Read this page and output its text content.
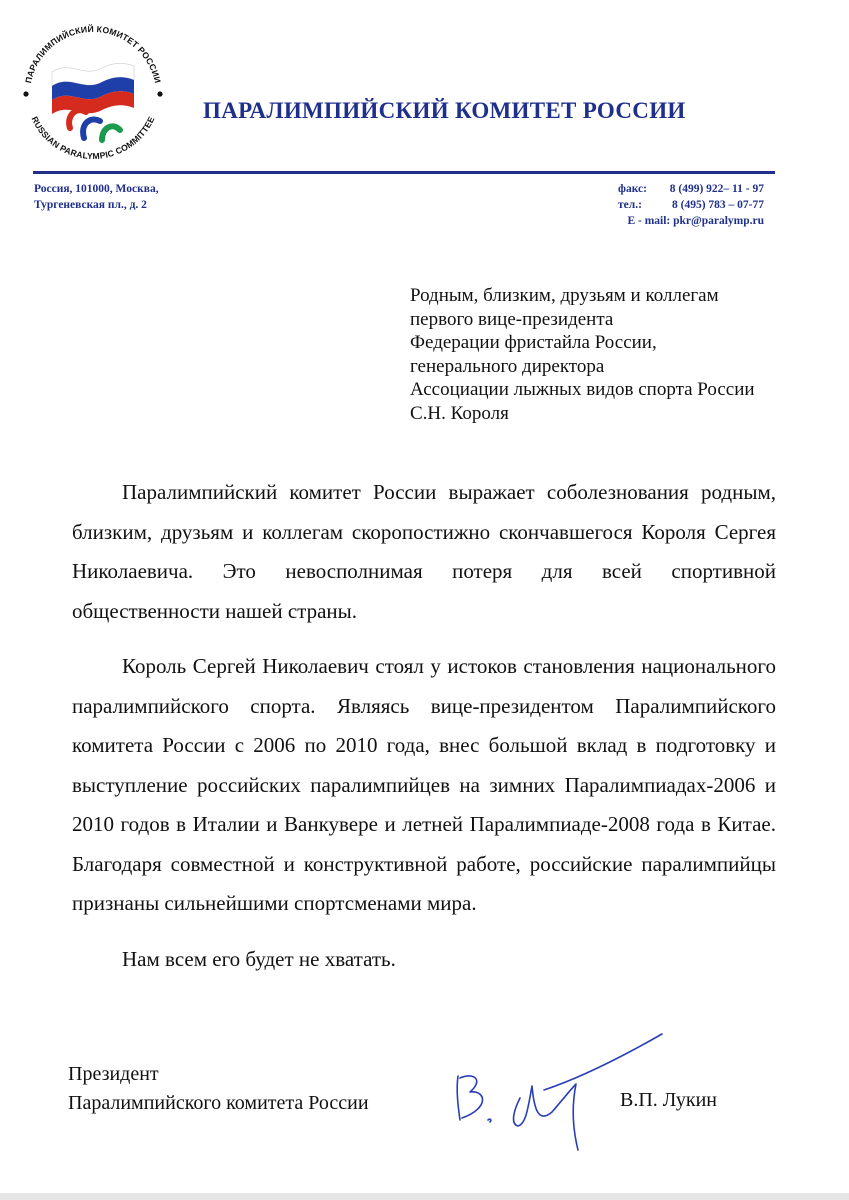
ПАРАЛИМПИЙСКИЙ КОМИТЕТ РОССИИ
RUSSIAN PARALYMPIC COMMITTEE ПАРАЛИМПИЙСКИЙ КОМИТЕТ РОССИИ
Россия, 101000, Москва,
Тургеневская пл., д. 2
факс: 8 (499) 922– 11 - 97
тел.:	8 (495) 783 – 07-77
E - mail: pkr@paralymp.ru
Родным, близким, друзьям и коллегам
первого вице-президента
Федерации фристайла России,
генерального директора
Ассоциации лыжных видов спорта России
С.Н. Короля

Паралимпийский комитет России выражает соболезнования родным, близким, друзьям и коллегам скоропостижно скончавшегося Короля Сергея Николаевича. Это невосполнимая потеря для всей спортивной общественности нашей страны.

Король Сергей Николаевич стоял у истоков становления национального паралимпийского спорта. Являясь вице-президентом Паралимпийского комитета России с 2006 по 2010 года, внес большой вклад в подготовку и выступление российских паралимпийцев на зимних Паралимпиадах-2006 и 2010 годов в Италии и Ванкувере и летней Паралимпиаде-2008 года в Китае. Благодаря совместной и конструктивной работе, российские паралимпийцы признаны сильнейшими спортсменами мира.

Нам всем его будет не хватать.

Президент
Паралимпийского комитета России	В.П. Лукин
